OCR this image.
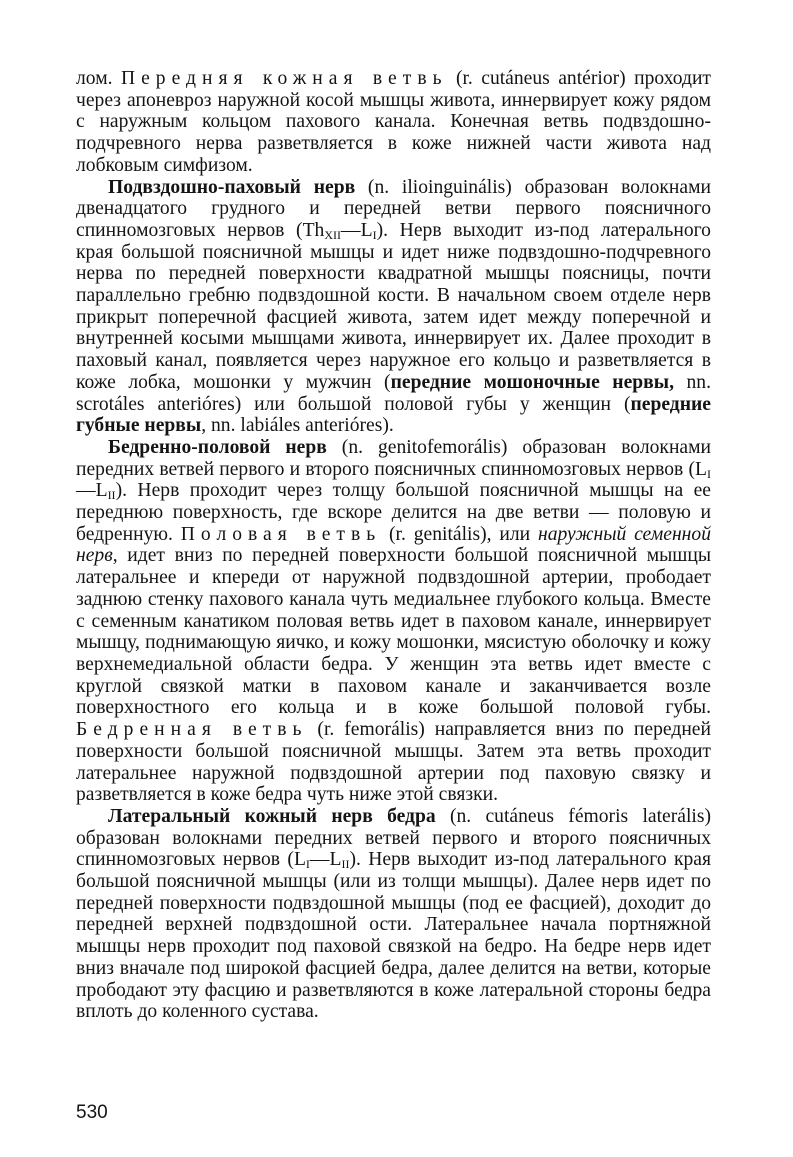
лом. Передняя кожная ветвь (r. cutáneus antérior) проходит через апоневроз наружной косой мышцы живота, иннервирует кожу рядом с наружным кольцом пахового канала. Конечная ветвь подвздошно-подчревного нерва разветвляется в коже нижней части живота над лобковым симфизом.

Подвздошно-паховый нерв (n. ilioinguinális) образован волокнами двенадцатого грудного и передней ветви первого поясничного спинномозговых нервов $(Th_{XII}—L_I)$. Нерв выходит из-под латерального края большой поясничной мышцы и идет ниже подвздошно-подчревного нерва по передней поверхности квадратной мышцы поясницы, почти параллельно гребню подвздошной кости. В начальном своем отделе нерв прикрыт поперечной фасцией живота, затем идет между поперечной и внутренней косыми мышцами живота, иннервирует их. Далее проходит в паховый канал, появляется через наружное его кольцо и разветвляется в коже лобка, мошонки у мужчин (передние мошоночные нервы, nn. scrotáles anterióres) или большой половой губы у женщин (передние губные нервы, nn. labiáles anterióres).

Бедренно-половой нерв (n. genitofemorális) образован волокнами передних ветвей первого и второго поясничных спинномозговых нервов $(L_I—L_{II})$. Нерв проходит через толщу большой поясничной мышцы на ее переднюю поверхность, где вскоре делится на две ветви — половую и бедренную. Половая ветвь (r. genitális), или наружный семенной нерв, идет вниз по передней поверхности большой поясничной мышцы латеральнее и кпереди от наружной подвздошной артерии, прободает заднюю стенку пахового канала чуть медиальнее глубокого кольца. Вместе с семенным канатиком половая ветвь идет в паховом канале, иннервирует мышцу, поднимающую яичко, и кожу мошонки, мясистую оболочку и кожу верхнемедиальной области бедра. У женщин эта ветвь идет вместе с круглой связкой матки в паховом канале и заканчивается возле поверхностного его кольца и в коже большой половой губы. Бедренная ветвь (r. femorális) направляется вниз по передней поверхности большой поясничной мышцы. Затем эта ветвь проходит латеральнее наружной подвздошной артерии под паховую связку и разветвляется в коже бедра чуть ниже этой связки.

Латеральный кожный нерв бедра (n. cutáneus fémoris laterális) образован волокнами передних ветвей первого и второго поясничных спинномозговых нервов $(L_I—L_{II})$. Нерв выходит из-под латерального края большой поясничной мышцы (или из толщи мышцы). Далее нерв идет по передней поверхности подвздошной мышцы (под ее фасцией), доходит до передней верхней подвздошной ости. Латеральнее начала портняжной мышцы нерв проходит под паховой связкой на бедро. На бедре нерв идет вниз вначале под широкой фасцией бедра, далее делится на ветви, которые прободают эту фасцию и разветвляются в коже латеральной стороны бедра вплоть до коленного сустава.

530
